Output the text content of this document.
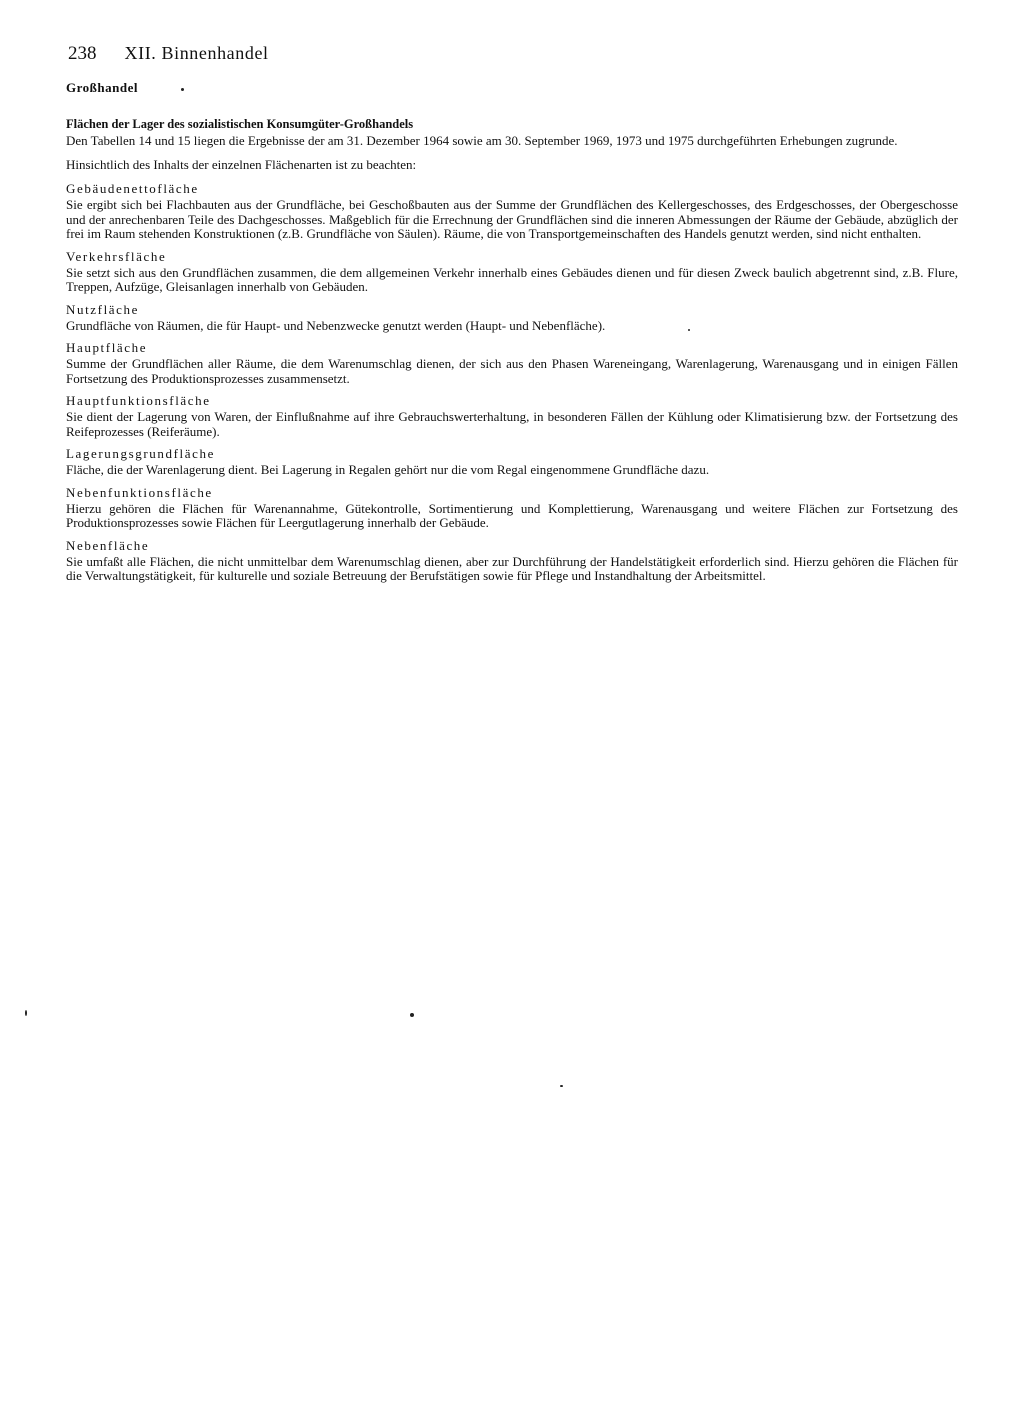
238 XII. Binnenhandel
Großhandel
Flächen der Lager des sozialistischen Konsumgüter-Großhandels

Den Tabellen 14 und 15 liegen die Ergebnisse der am 31. Dezember 1964 sowie am 30. September 1969, 1973 und 1975 durchgeführten Erhebungen zugrunde.

Hinsichtlich des Inhalts der einzelnen Flächenarten ist zu beachten:

Gebäudenettofläche

Sie ergibt sich bei Flachbauten aus der Grundfläche, bei Geschoßbauten aus der Summe der Grundflächen des Kellergeschosses, des Erdgeschosses, der Obergeschosse und der anrechenbaren Teile des Dachgeschosses. Maßgeblich für die Errechnung der Grundflächen sind die inneren Abmessungen der Räume der Gebäude, abzüglich der frei im Raum stehenden Konstruktionen (z.B. Grundfläche von Säulen). Räume, die von Transportgemeinschaften des Handels genutzt werden, sind nicht enthalten.

Verkehrsfläche

Sie setzt sich aus den Grundflächen zusammen, die dem allgemeinen Verkehr innerhalb eines Gebäudes dienen und für diesen Zweck baulich abgetrennt sind, z.B. Flure, Treppen, Aufzüge, Gleisanlagen innerhalb von Gebäuden.

Nutzfläche

Grundfläche von Räumen, die für Haupt- und Nebenzwecke genutzt werden (Haupt- und Nebenfläche).

Hauptfläche

Summe der Grundflächen aller Räume, die dem Warenumschlag dienen, der sich aus den Phasen Wareneingang, Warenlagerung, Warenausgang und in einigen Fällen Fortsetzung des Produktionsprozesses zusammensetzt.

Hauptfunktionsfläche

Sie dient der Lagerung von Waren, der Einflußnahme auf ihre Gebrauchswerterhaltung, in besonderen Fällen der Kühlung oder Klimatisierung bzw. der Fortsetzung des Reifeprozesses (Reiferäume).

Lagerungsgrundfläche

Fläche, die der Warenlagerung dient. Bei Lagerung in Regalen gehört nur die vom Regal eingenommene Grundfläche dazu.

Nebenfunktionsfläche

Hierzu gehören die Flächen für Warenannahme, Gütekontrolle, Sortimentierung und Komplettierung, Warenausgang und weitere Flächen zur Fortsetzung des Produktionsprozesses sowie Flächen für Leergutlagerung innerhalb der Gebäude.

Nebenfläche

Sie umfaßt alle Flächen, die nicht unmittelbar dem Warenumschlag dienen, aber zur Durchführung der Handelstätigkeit erforderlich sind. Hierzu gehören die Flächen für die Verwaltungstätigkeit, für kulturelle und soziale Betreuung der Berufstätigen sowie für Pflege und Instandhaltung der Arbeitsmittel.
